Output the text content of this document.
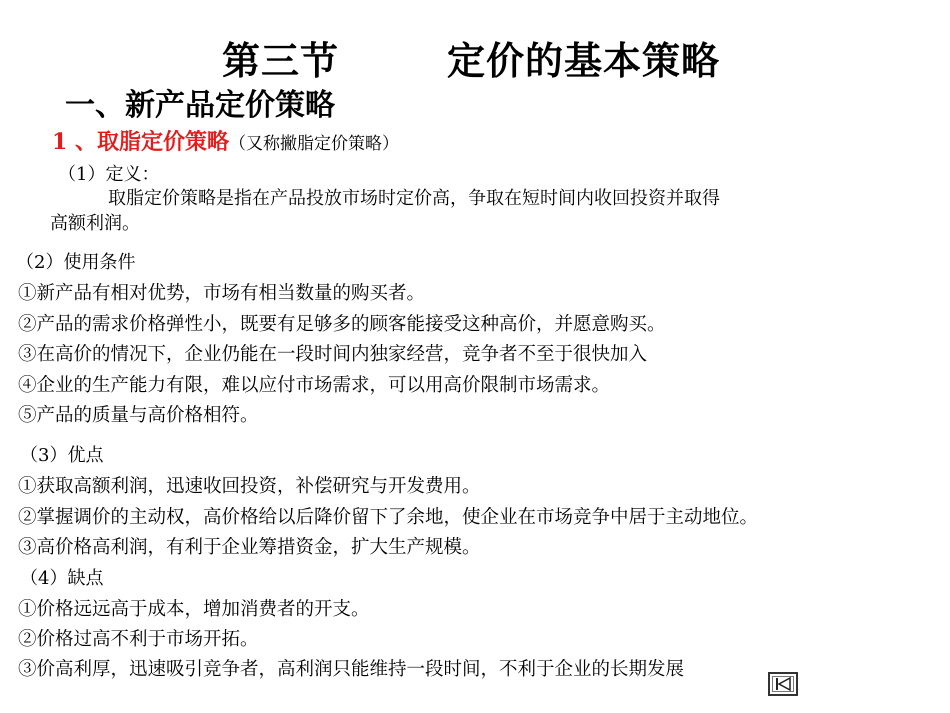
第三节	定价的基本策略
一、新产品定价策略
1 、取脂定价策略（又称撇脂定价策略）
（1）定义：
取脂定价策略是指在产品投放市场时定价高，争取在短时间内收回投资并取得
高额利润。
（2）使用条件
①新产品有相对优势，市场有相当数量的购买者。
②产品的需求价格弹性小，既要有足够多的顾客能接受这种高价，并愿意购买。
③在高价的情况下，企业仍能在一段时间内独家经营，竞争者不至于很快加入
④企业的生产能力有限，难以应付市场需求，可以用高价限制市场需求。
⑤产品的质量与高价格相符。
（3）优点
①获取高额利润，迅速收回投资，补偿研究与开发费用。
②掌握调价的主动权，高价格给以后降价留下了余地，使企业在市场竞争中居于主动地位。
③高价格高利润，有利于企业筹措资金，扩大生产规模。
（4）缺点
①价格远远高于成本，增加消费者的开支。
②价格过高不利于市场开拓。
③价高利厚，迅速吸引竞争者，高利润只能维持一段时间，不利于企业的长期发展
